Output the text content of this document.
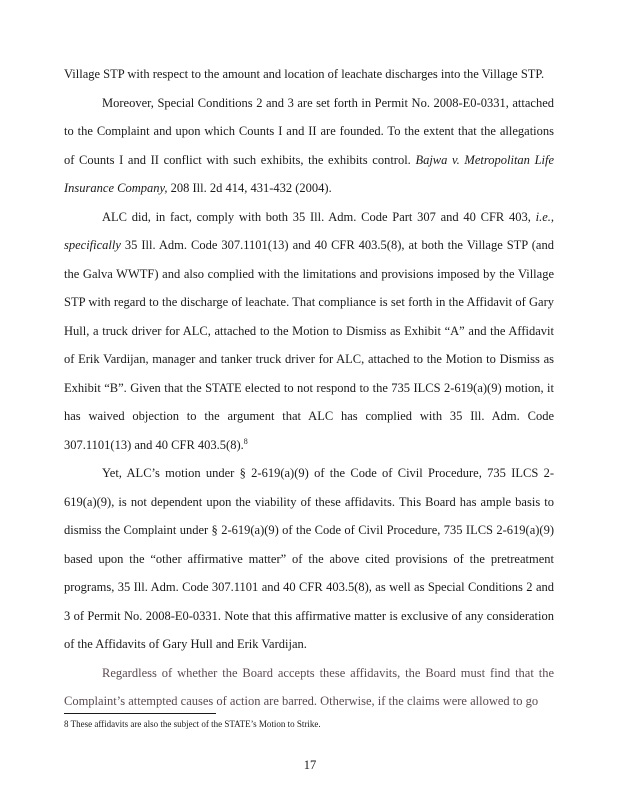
Village STP with respect to the amount and location of leachate discharges into the Village STP.

Moreover, Special Conditions 2 and 3 are set forth in Permit No. 2008-E0-0331, attached to the Complaint and upon which Counts I and II are founded. To the extent that the allegations of Counts I and II conflict with such exhibits, the exhibits control. Bajwa v. Metropolitan Life Insurance Company, 208 Ill. 2d 414, 431-432 (2004).

ALC did, in fact, comply with both 35 Ill. Adm. Code Part 307 and 40 CFR 403, i.e., specifically 35 Ill. Adm. Code 307.1101(13) and 40 CFR 403.5(8), at both the Village STP (and the Galva WWTF) and also complied with the limitations and provisions imposed by the Village STP with regard to the discharge of leachate. That compliance is set forth in the Affidavit of Gary Hull, a truck driver for ALC, attached to the Motion to Dismiss as Exhibit “A” and the Affidavit of Erik Vardijan, manager and tanker truck driver for ALC, attached to the Motion to Dismiss as Exhibit “B”. Given that the STATE elected to not respond to the 735 ILCS 2-619(a)(9) motion, it has waived objection to the argument that ALC has complied with 35 Ill. Adm. Code 307.1101(13) and 40 CFR 403.5(8).$^8$

Yet, ALC’s motion under § 2-619(a)(9) of the Code of Civil Procedure, 735 ILCS 2-619(a)(9), is not dependent upon the viability of these affidavits. This Board has ample basis to dismiss the Complaint under § 2-619(a)(9) of the Code of Civil Procedure, 735 ILCS 2-619(a)(9) based upon the “other affirmative matter” of the above cited provisions of the pretreatment programs, 35 Ill. Adm. Code 307.1101 and 40 CFR 403.5(8), as well as Special Conditions 2 and 3 of Permit No. 2008-E0-0331. Note that this affirmative matter is exclusive of any consideration of the Affidavits of Gary Hull and Erik Vardijan.

Regardless of whether the Board accepts these affidavits, the Board must find that the Complaint’s attempted causes of action are barred. Otherwise, if the claims were allowed to go

8 These affidavits are also the subject of the STATE’s Motion to Strike.
17
